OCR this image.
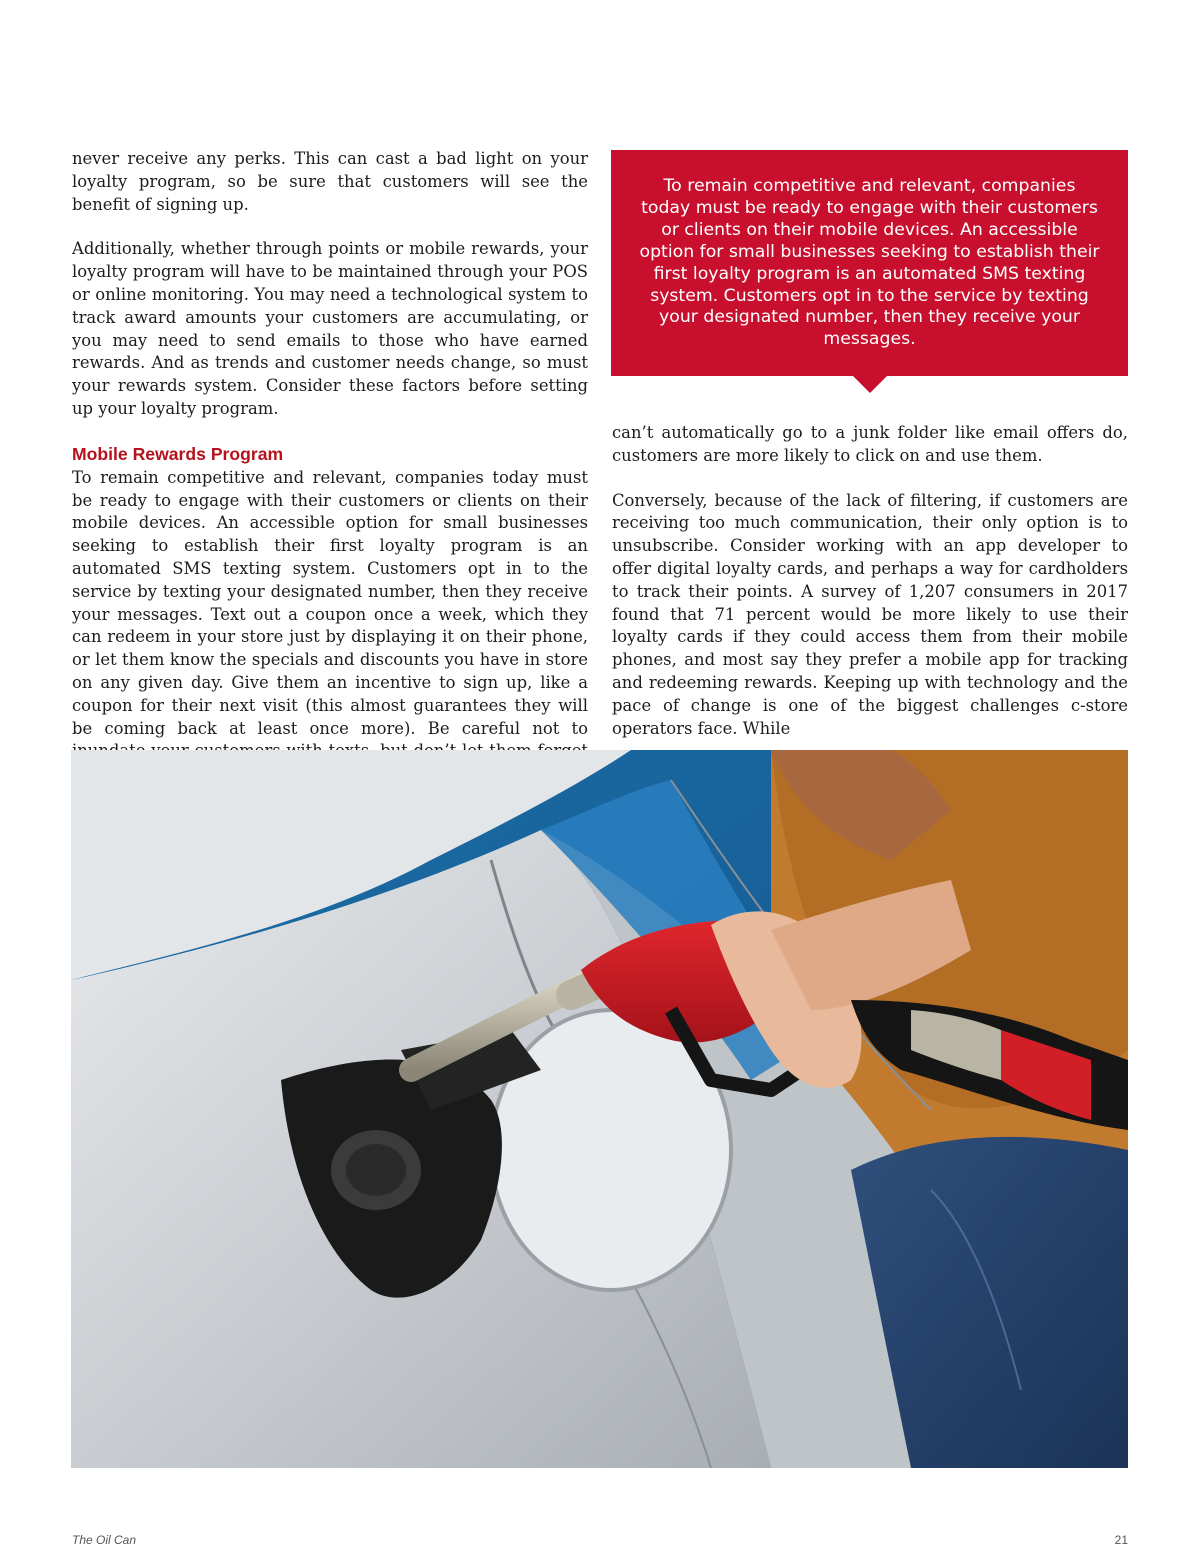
never receive any perks. This can cast a bad light on your loyalty program, so be sure that customers will see the benefit of signing up.

Additionally, whether through points or mobile rewards, your loyalty program will have to be maintained through your POS or online monitoring. You may need a technological system to track award amounts your customers are accumulating, or you may need to send emails to those who have earned rewards. And as trends and customer needs change, so must your rewards system. Consider these factors before setting up your loyalty program.

Mobile Rewards Program

To remain competitive and relevant, companies today must be ready to engage with their customers or clients on their mobile devices. An accessible option for small businesses seeking to establish their first loyalty program is an automated SMS texting system. Customers opt in to the service by texting your designated number, then they receive your messages. Text out a coupon once a week, which they can redeem in your store just by displaying it on their phone, or let them know the specials and discounts you have in store on any given day. Give them an incentive to sign up, like a coupon for their next visit (this almost guarantees they will be coming back at least once more). Be careful not to

To remain competitive and relevant, companies today must be ready to engage with their customers or clients on their mobile devices. An accessible option for small businesses seeking to establish their first loyalty program is an automated SMS texting system. Customers opt in to the service by texting your designated number, then they receive your messages.

can’t automatically go to a junk folder like email offers do, customers are more likely to click on and use them.

Conversely, because of the lack of filtering, if customers are receiving too much communication, their only option is to unsubscribe. Consider working with an app developer to offer digital loyalty cards, and perhaps a way for cardholders to track their points. A survey of 1,207 consumers in 2017 found that 71 percent would be more likely to use their loyalty cards if they could access them from their mobile phones, and most say they prefer a mobile app for tracking and redeeming rewards. Keeping up with technology and the pace of change is one of the biggest challenges c-store operators face. While

The Oil Can	21
